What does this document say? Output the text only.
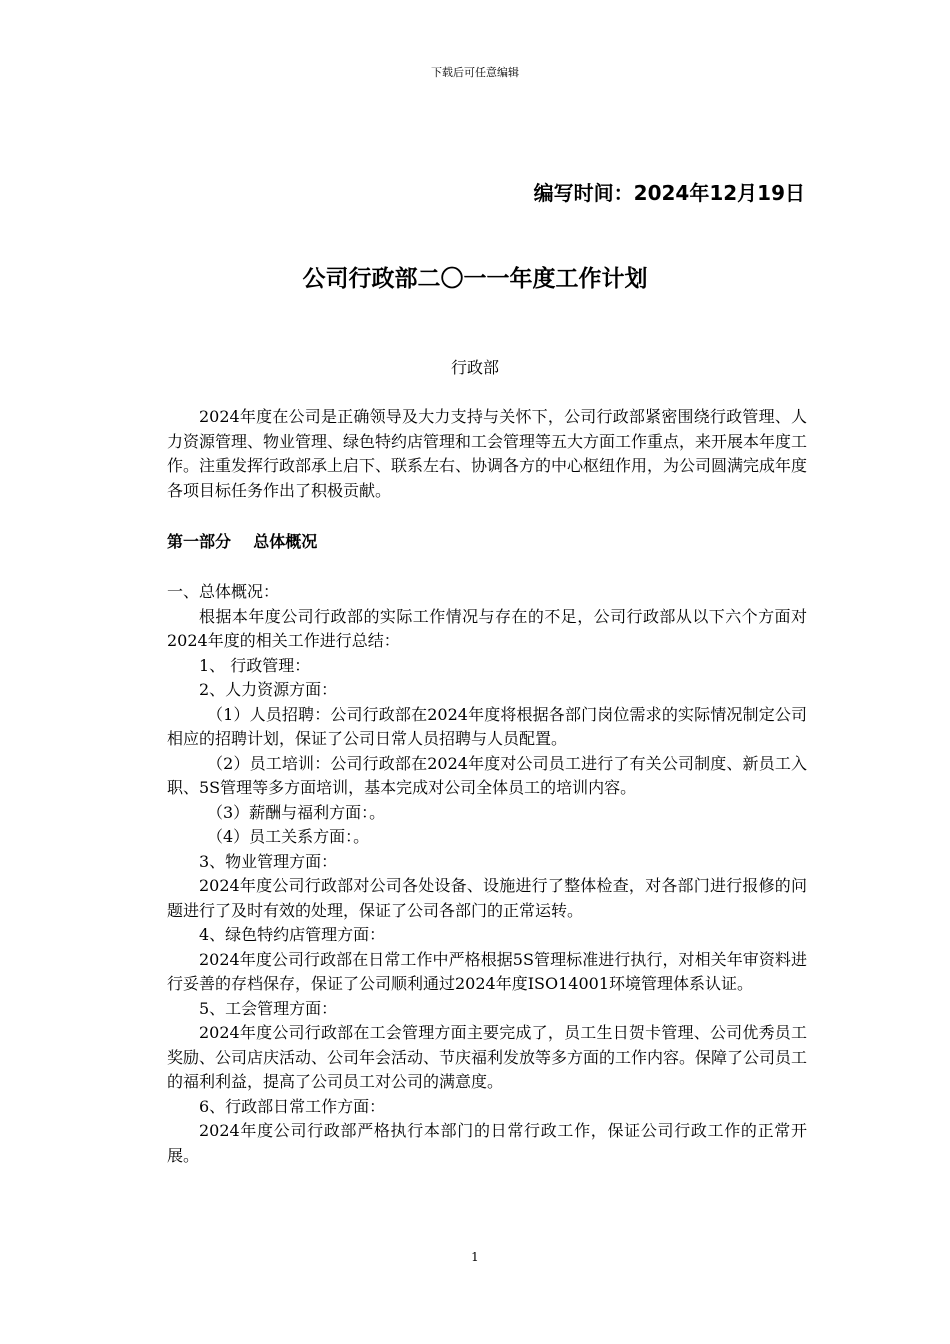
下载后可任意编辑
编写时间：2024年12月19日
公司行政部二〇一一年度工作计划
行政部

2024年度在公司是正确领导及大力支持与关怀下，公司行政部紧密围绕行政管理、人力资源管理、物业管理、绿色特约店管理和工会管理等五大方面工作重点，来开展本年度工作。注重发挥行政部承上启下、联系左右、协调各方的中心枢纽作用，为公司圆满完成年度各项目标任务作出了积极贡献。

第一部分    总体概况

一、总体概况：

根据本年度公司行政部的实际工作情况与存在的不足，公司行政部从以下六个方面对2024年度的相关工作进行总结：

1、 行政管理：

2、人力资源方面：

（1）人员招聘：公司行政部在2024年度将根据各部门岗位需求的实际情况制定公司相应的招聘计划，保证了公司日常人员招聘与人员配置。

（2）员工培训：公司行政部在2024年度对公司员工进行了有关公司制度、新员工入职、5S管理等多方面培训，基本完成对公司全体员工的培训内容。

（3）薪酬与福利方面：。

（4）员工关系方面：。

3、物业管理方面：

2024年度公司行政部对公司各处设备、设施进行了整体检查，对各部门进行报修的问题进行了及时有效的处理，保证了公司各部门的正常运转。

4、绿色特约店管理方面：

2024年度公司行政部在日常工作中严格根据5S管理标准进行执行，对相关年审资料进行妥善的存档保存，保证了公司顺利通过2024年度ISO14001环境管理体系认证。

5、工会管理方面：

2024年度公司行政部在工会管理方面主要完成了，员工生日贺卡管理、公司优秀员工奖励、公司店庆活动、公司年会活动、节庆福利发放等多方面的工作内容。保障了公司员工的福利利益，提高了公司员工对公司的满意度。

6、行政部日常工作方面：

2024年度公司行政部严格执行本部门的日常行政工作，保证公司行政工作的正常开展。

1
